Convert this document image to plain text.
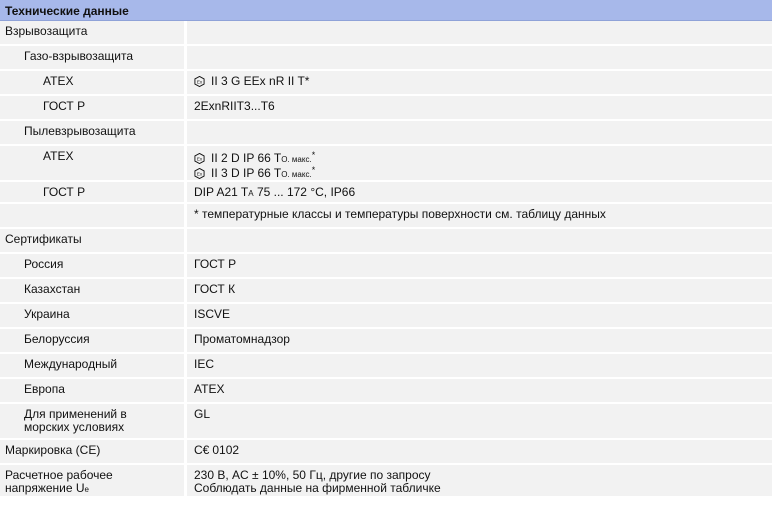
Технические данные
Взрывозащита	

Газо-взрывозащита	

ATEX	Ex II 3 G EEx nR II T*

ГОСТ Р	2ExnRIIT3...T6

Пылевзрывозащита	

ATEX	Ex II 2 D IP 66 TO. макс.*
Ex II 3 D IP 66 TO. макс.*

ГОСТ Р	DIP A21 TA 75 ... 172 °C, IP66

	* температурные классы и температуры поверхности см. таблицу данных

Сертификаты	

Россия	ГОСТ Р

Казахстан	ГОСТ К

Украина	ISCVE

Белоруссия	Проматомнадзор

Международный	IEC

Европа	ATEX

Для применений в морских условиях	GL

Маркировка (CE)	C€ 0102

Расчетное рабочее напряжение Ue	230 В, AC ± 10%, 50 Гц, другие по запросу
Соблюдать данные на фирменной табличке
